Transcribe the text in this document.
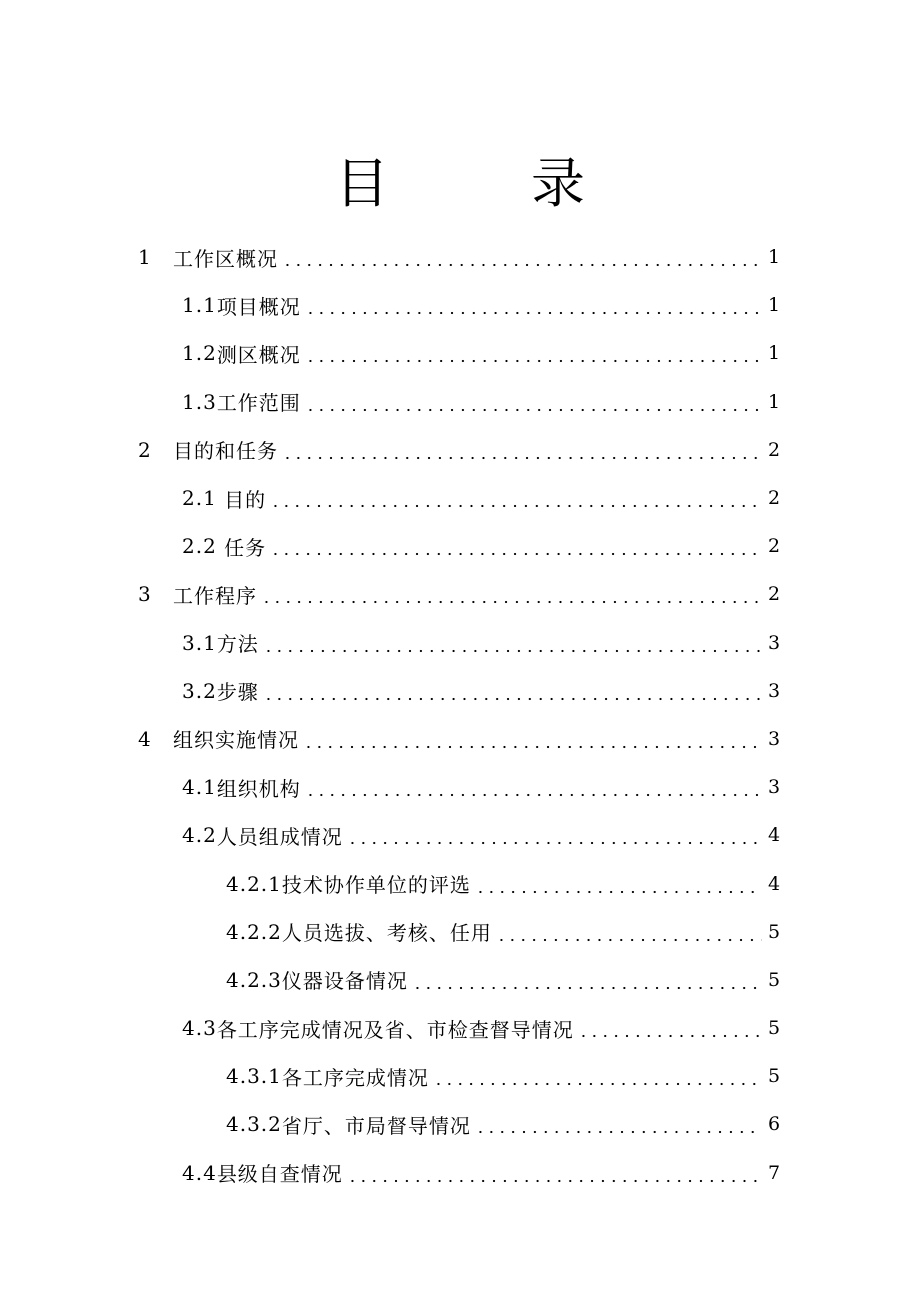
目　录
1	工作区概况	1
1.1 项目概况	1
1.2 测区概况	1
1.3 工作范围	1
2	目的和任务	2
2.1 目的	2
2.2 任务	2
3	工作程序	2
3.1 方法	3
3.2 步骤	3
4	组织实施情况	3
4.1 组织机构	3
4.2 人员组成情况	4
4.2.1 技术协作单位的评选	4
4.2.2 人员选拔、考核、任用	5
4.2.3 仪器设备情况	5
4.3 各工序完成情况及省、市检查督导情况	5
4.3.1 各工序完成情况	5
4.3.2 省厅、市局督导情况	6
4.4 县级自查情况	7
